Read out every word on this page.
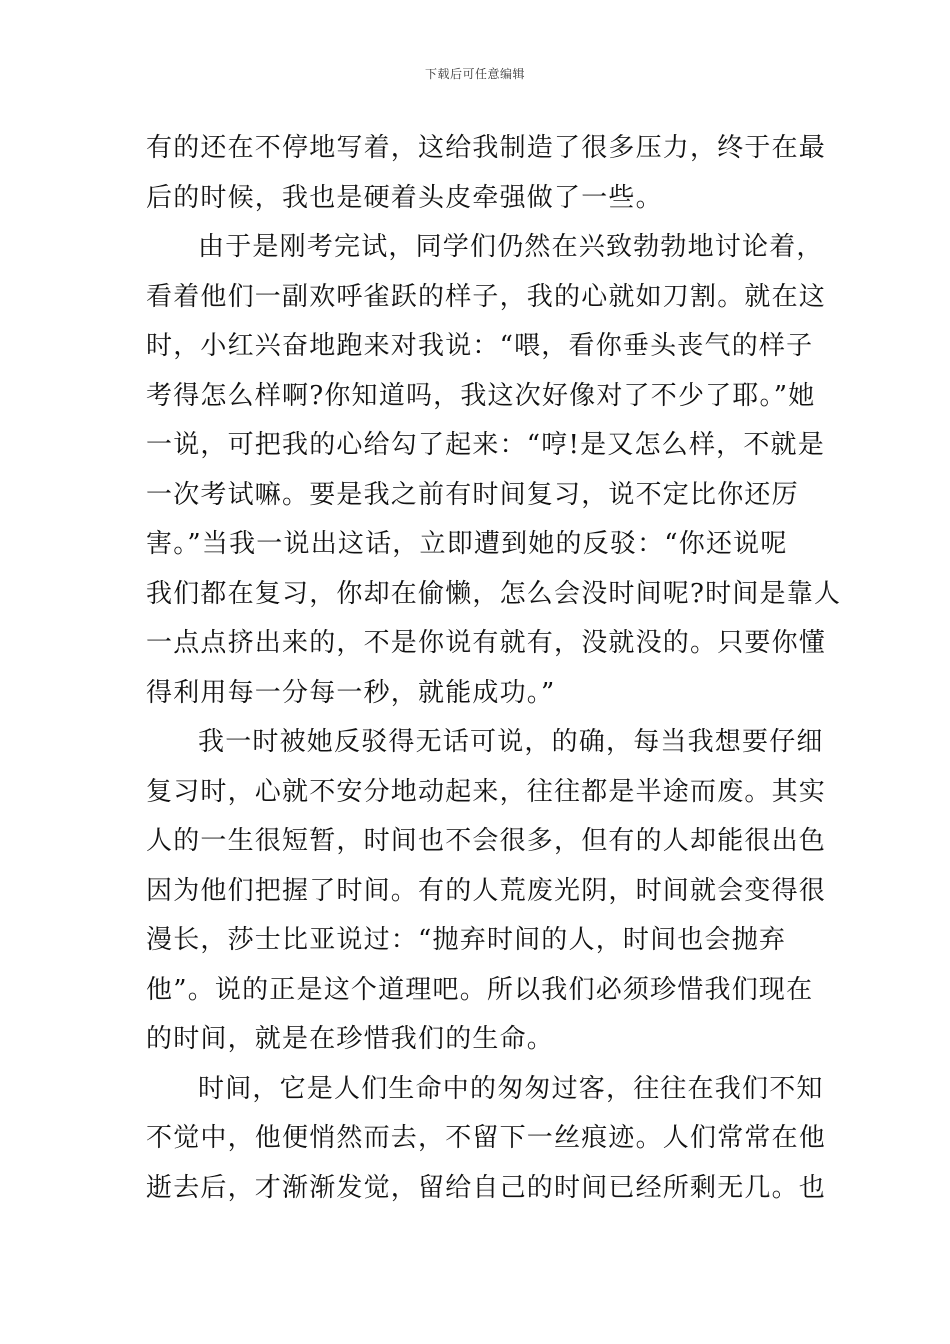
下载后可任意编辑
有的还在不停地写着，这给我制造了很多压力，终于在最
后的时候，我也是硬着头皮牵强做了一些。
由于是刚考完试，同学们仍然在兴致勃勃地讨论着，
看着他们一副欢呼雀跃的样子，我的心就如刀割。就在这
时，小红兴奋地跑来对我说：“喂，看你垂头丧气的样子
考得怎么样啊?你知道吗，我这次好像对了不少了耶。”她
一说，可把我的心给勾了起来：“哼!是又怎么样，不就是
一次考试嘛。要是我之前有时间复习，说不定比你还厉
害。”当我一说出这话，立即遭到她的反驳：“你还说呢
我们都在复习，你却在偷懒，怎么会没时间呢?时间是靠人
一点点挤出来的，不是你说有就有，没就没的。只要你懂
得利用每一分每一秒，就能成功。”
我一时被她反驳得无话可说，的确，每当我想要仔细
复习时，心就不安分地动起来，往往都是半途而废。其实
人的一生很短暂，时间也不会很多，但有的人却能很出色
因为他们把握了时间。有的人荒废光阴，时间就会变得很
漫长，莎士比亚说过：“抛弃时间的人，时间也会抛弃
他”。说的正是这个道理吧。所以我们必须珍惜我们现在
的时间，就是在珍惜我们的生命。
时间，它是人们生命中的匆匆过客，往往在我们不知
不觉中，他便悄然而去，不留下一丝痕迹。人们常常在他
逝去后，才渐渐发觉，留给自己的时间已经所剩无几。也
